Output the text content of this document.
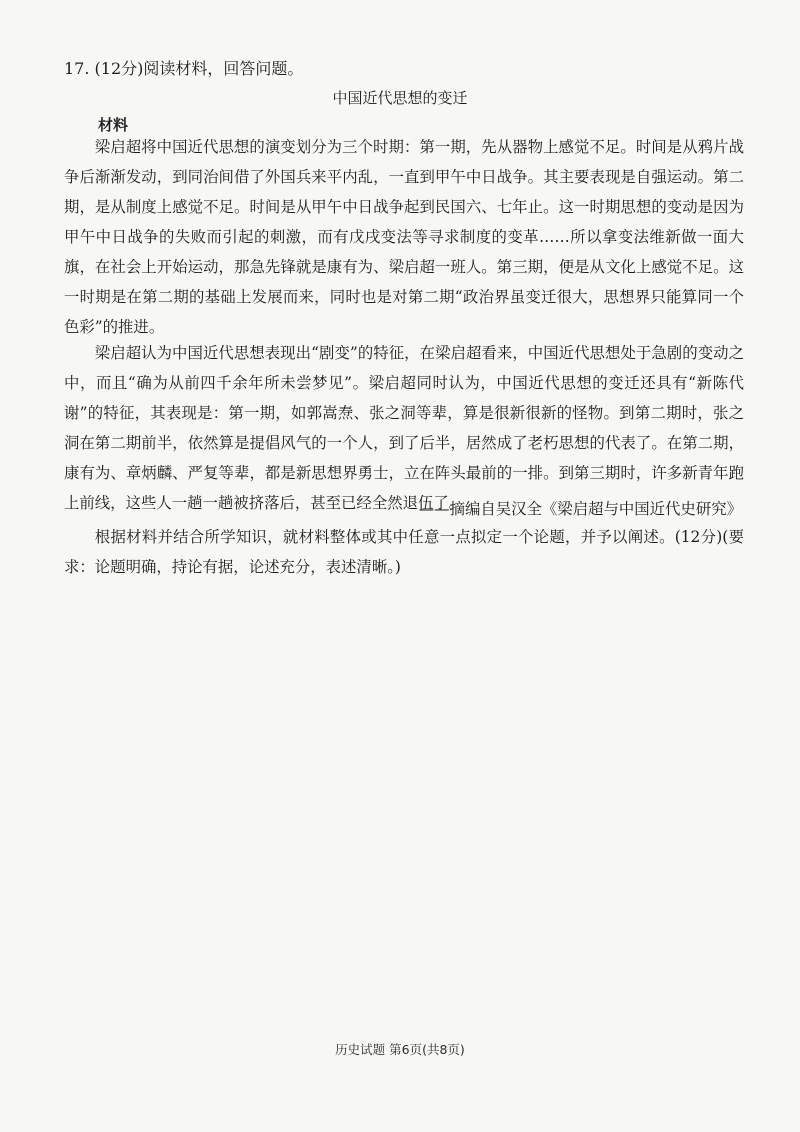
17. (12分)阅读材料，回答问题。
中国近代思想的变迁
材料

梁启超将中国近代思想的演变划分为三个时期：第一期，先从器物上感觉不足。时间是从鸦片战争后渐渐发动，到同治间借了外国兵来平内乱，一直到甲午中日战争。其主要表现是自强运动。第二期，是从制度上感觉不足。时间是从甲午中日战争起到民国六、七年止。这一时期思想的变动是因为甲午中日战争的失败而引起的刺激，而有戊戌变法等寻求制度的变革……所以拿变法维新做一面大旗，在社会上开始运动，那急先锋就是康有为、梁启超一班人。第三期，便是从文化上感觉不足。这一时期是在第二期的基础上发展而来，同时也是对第二期“政治界虽变迁很大，思想界只能算同一个色彩”的推进。

梁启超认为中国近代思想表现出“剧变”的特征，在梁启超看来，中国近代思想处于急剧的变动之中，而且“确为从前四千余年所未尝梦见”。梁启超同时认为，中国近代思想的变迁还具有“新陈代谢”的特征，其表现是：第一期，如郭嵩焘、张之洞等辈，算是很新很新的怪物。到第二期时，张之洞在第二期前半，依然算是提倡风气的一个人，到了后半，居然成了老朽思想的代表了。在第二期，康有为、章炳麟、严复等辈，都是新思想界勇士，立在阵头最前的一排。到第三期时，许多新青年跑上前线，这些人一趟一趟被挤落后，甚至已经全然退伍了。

——摘编自吴汉全《梁启超与中国近代史研究》

根据材料并结合所学知识，就材料整体或其中任意一点拟定一个论题，并予以阐述。(12分)(要求：论题明确，持论有据，论述充分，表述清晰。)

历史试题 第6页(共8页)
